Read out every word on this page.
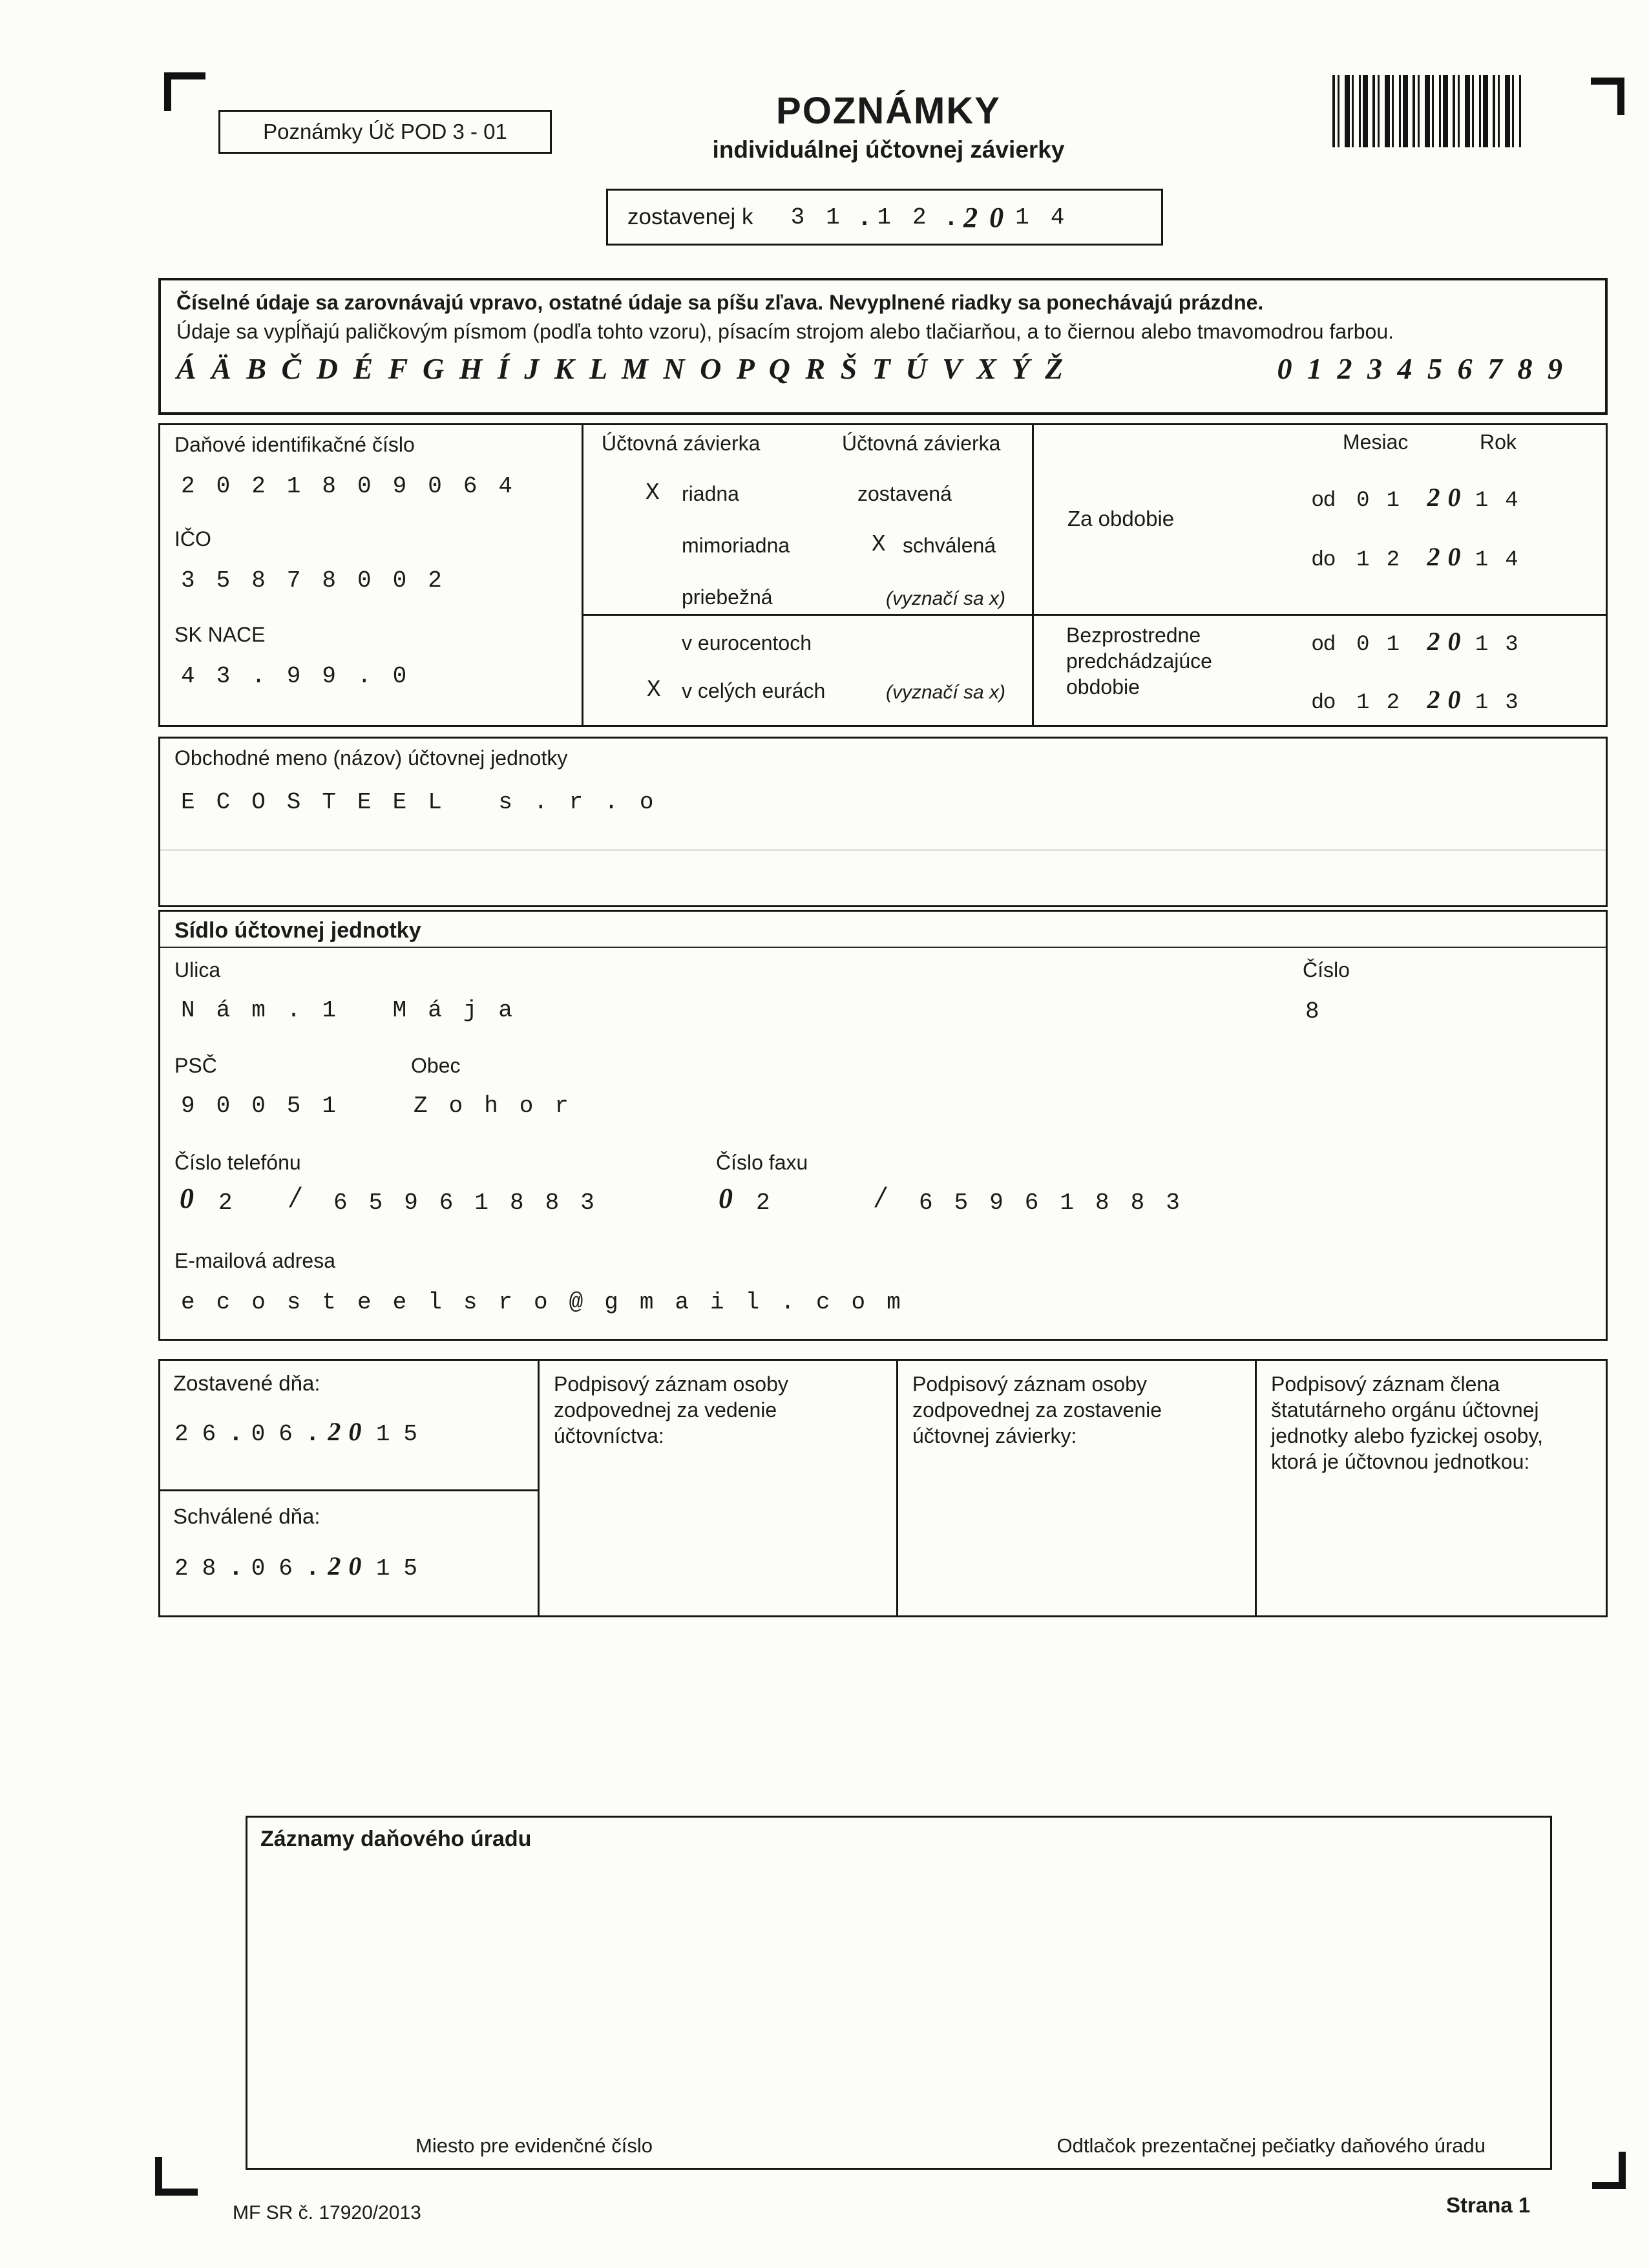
Poznámky Úč POD 3 - 01	POZNÁMKY
individuálnej účtovnej závierky
zostavenej k 31 . 12 . 20 14
Číselné údaje sa zarovnávajú vpravo, ostatné údaje sa píšu zľava. Nevyplnené riadky sa ponechávajú prázdne.
Údaje sa vypĺňajú paličkovým písmom (podľa tohto vzoru), písacím strojom alebo tlačiarňou, a to čiernou alebo tmavomodrou farbou.
Á Ä B Č D É F G H Í J K L M N O P Q R Š T Ú V X Ý Ž	0 1 2 3 4 5 6 7 8 9
Daňové identifikačné číslo
2021809064
IČO
35878002
SK NACE
43.99.0
Účtovná závierka	Účtovná závierka
X riadna	zostavená
mimoriadna	X schválená
priebežná	(vyznačí sa x)
Mesiac	Rok
Za obdobie
od 01 20 14
do 12 20 14
v eurocentoch
X v celých eurách	(vyznačí sa x)
Bezprostredne predchádzajúce obdobie
od 01 20 13
do 12 20 13
Obchodné meno (názov) účtovnej jednotky
ECOSTEEL s.r.o
Sídlo účtovnej jednotky
Ulica	Číslo
Nám.1 Mája	8
PSČ	Obec
90051 Zohor
Číslo telefónu	Číslo faxu
0 2 / 65961883	0 2	/ 65961883
E-mailová adresa
ecosteelsro@gmail.com
Zostavené dňa:
26 . 06 . 20 15
Schválené dňa:
28 . 06 . 20 15
Podpisový záznam osoby zodpovednej za vedenie účtovníctva:
Podpisový záznam osoby zodpovednej za zostavenie účtovnej závierky:
Podpisový záznam člena štatutárneho orgánu účtovnej jednotky alebo fyzickej osoby, ktorá je účtovnou jednotkou:
Záznamy daňového úradu
Miesto pre evidenčné číslo	Odtlačok prezentačnej pečiatky daňového úradu
MF SR č. 17920/2013	Strana 1
